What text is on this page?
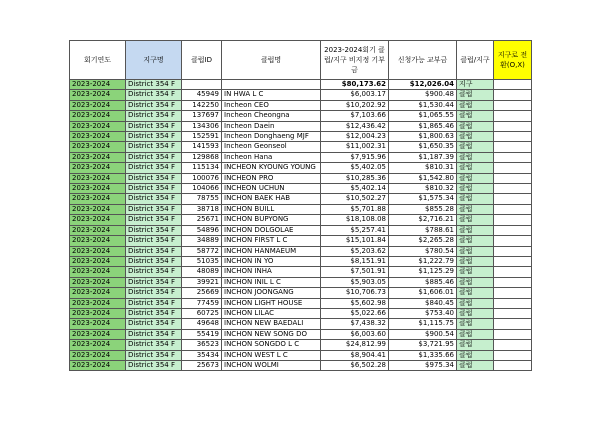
회기연도	지구명	클럽ID	클럽명	2023-2024회기 클럽/지구 비지정 기부금	신청가능 교부금	클럽/지구	지구로 전환(O,X)
2023-2024	District 354 F			$80,173.62	$12,026.04	지구	
2023-2024	District 354 F	45949	IN HWA L C	$6,003.17	$900.48	클럽	
2023-2024	District 354 F	142250	Incheon CEO	$10,202.92	$1,530.44	클럽	
2023-2024	District 354 F	137697	Incheon Cheongna	$7,103.66	$1,065.55	클럽	
2023-2024	District 354 F	134306	Incheon Daein	$12,436.42	$1,865.46	클럽	
2023-2024	District 354 F	152591	Incheon Donghaeng MJF	$12,004.23	$1,800.63	클럽	
2023-2024	District 354 F	141593	Incheon Geonseol	$11,002.31	$1,650.35	클럽	
2023-2024	District 354 F	129868	Incheon Hana	$7,915.96	$1,187.39	클럽	
2023-2024	District 354 F	115134	INCHEON KYOUNG YOUNG	$5,402.05	$810.31	클럽	
2023-2024	District 354 F	100076	INCHEON PRO	$10,285.36	$1,542.80	클럽	
2023-2024	District 354 F	104066	INCHEON UCHUN	$5,402.14	$810.32	클럽	
2023-2024	District 354 F	78755	INCHON BAEK HAB	$10,502.27	$1,575.34	클럽	
2023-2024	District 354 F	38718	INCHON BUILL	$5,701.88	$855.28	클럽	
2023-2024	District 354 F	25671	INCHON BUPYONG	$18,108.08	$2,716.21	클럽	
2023-2024	District 354 F	54896	INCHON DOLGOLAE	$5,257.41	$788.61	클럽	
2023-2024	District 354 F	34889	INCHON FIRST L C	$15,101.84	$2,265.28	클럽	
2023-2024	District 354 F	58772	INCHON HANMAEUM	$5,203.62	$780.54	클럽	
2023-2024	District 354 F	51035	INCHON IN YO	$8,151.91	$1,222.79	클럽	
2023-2024	District 354 F	48089	INCHON INHA	$7,501.91	$1,125.29	클럽	
2023-2024	District 354 F	39921	INCHON INIL L C	$5,903.05	$885.46	클럽	
2023-2024	District 354 F	25669	INCHON JOONGANG	$10,706.73	$1,606.01	클럽	
2023-2024	District 354 F	77459	INCHON LIGHT HOUSE	$5,602.98	$840.45	클럽	
2023-2024	District 354 F	60725	INCHON LILAC	$5,022.66	$753.40	클럽	
2023-2024	District 354 F	49648	INCHON NEW BAEDALI	$7,438.32	$1,115.75	클럽	
2023-2024	District 354 F	55419	INCHON NEW SONG DO	$6,003.60	$900.54	클럽	
2023-2024	District 354 F	36523	INCHON SONGDO L C	$24,812.99	$3,721.95	클럽	
2023-2024	District 354 F	35434	INCHON WEST L C	$8,904.41	$1,335.66	클럽	
2023-2024	District 354 F	25673	INCHON WOLMI	$6,502.28	$975.34	클럽	
